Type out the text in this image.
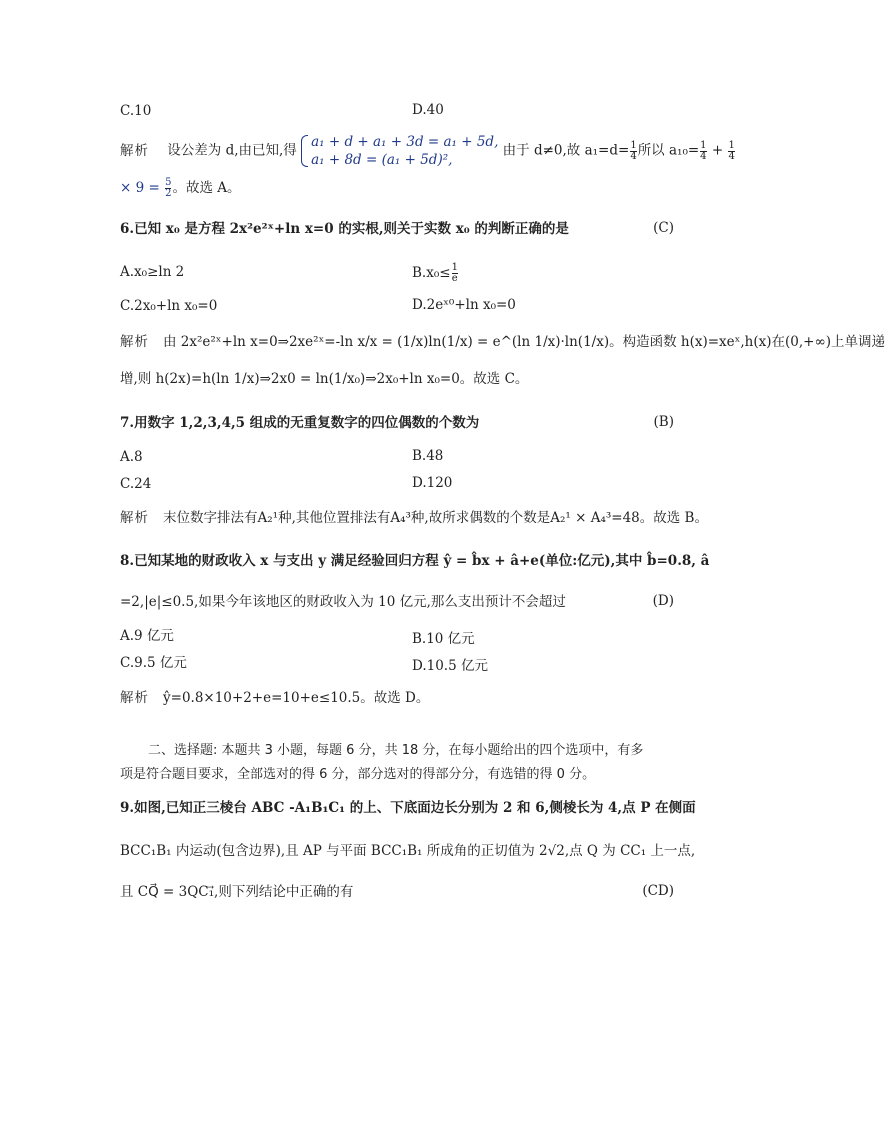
C.10	D.40
解析 设公差为 d,由已知,得
a₁ + d + a₁ + 3d = a₁ + 5d,
a₁ + 8d = (a₁ + 5d)²,
由于 d≠0,故 $a_1=d= \frac{1}{4}$ 所以 $a_{10}= \frac{1}{4} + \frac{1}{4}$
× $9 = \frac{5}{2}$ 。故选 A。
6.已知 x₀ 是方程 2x²e²ˣ+ln x=0 的实根,则关于实数 x₀ 的判断正确的是	(C)
A.x₀≥ln 2	$B.x_0\le \frac{1}{e}$
C.2x₀+ln x₀=0	D.2eˣ⁰+ln x₀=0
解析 由 2x²e²ˣ+ln x=0⇒2xe²ˣ=-ln x/x = (1/x)ln(1/x) = e^(ln 1/x)·ln(1/x)。构造函数 h(x)=xeˣ,h(x)在(0,+∞)上单调递
增,则 h(2x)=h(ln 1/x)⇒2x0 = ln(1/x₀)⇒2x₀+ln x₀=0。故选 C。
7.用数字 1,2,3,4,5 组成的无重复数字的四位偶数的个数为	(B)
A.8	B.48
C.24	D.120
解析 末位数字排法有A₂¹种,其他位置排法有A₄³种,故所求偶数的个数是A₂¹ × A₄³=48。故选 B。
8.已知某地的财政收入 x 与支出 y 满足经验回归方程 ŷ = b̂x + â+e(单位:亿元),其中 b̂=0.8, â
=2,|e|≤0.5,如果今年该地区的财政收入为 10 亿元,那么支出预计不会超过	(D)
A.9 亿元	B.10 亿元
C.9.5 亿元	D.10.5 亿元
解析 ŷ=0.8×10+2+e=10+e≤10.5。故选 D。
二、选择题: 本题共 3 小题，每题 6 分，共 18 分，在每小题给出的四个选项中，有多
项是符合题目要求，全部选对的得 6 分，部分选对的得部分分，有选错的得 0 分。
9.如图,已知正三棱台 ABC -A₁B₁C₁ 的上、下底面边长分别为 2 和 6,侧棱长为 4,点 P 在侧面
BCC₁B₁ 内运动(包含边界),且 AP 与平面 BCC₁B₁ 所成角的正切值为 2√2,点 Q 为 CC₁ 上一点,
且 CQ⃗ = 3QC₁⃗,则下列结论中正确的有	(CD)
